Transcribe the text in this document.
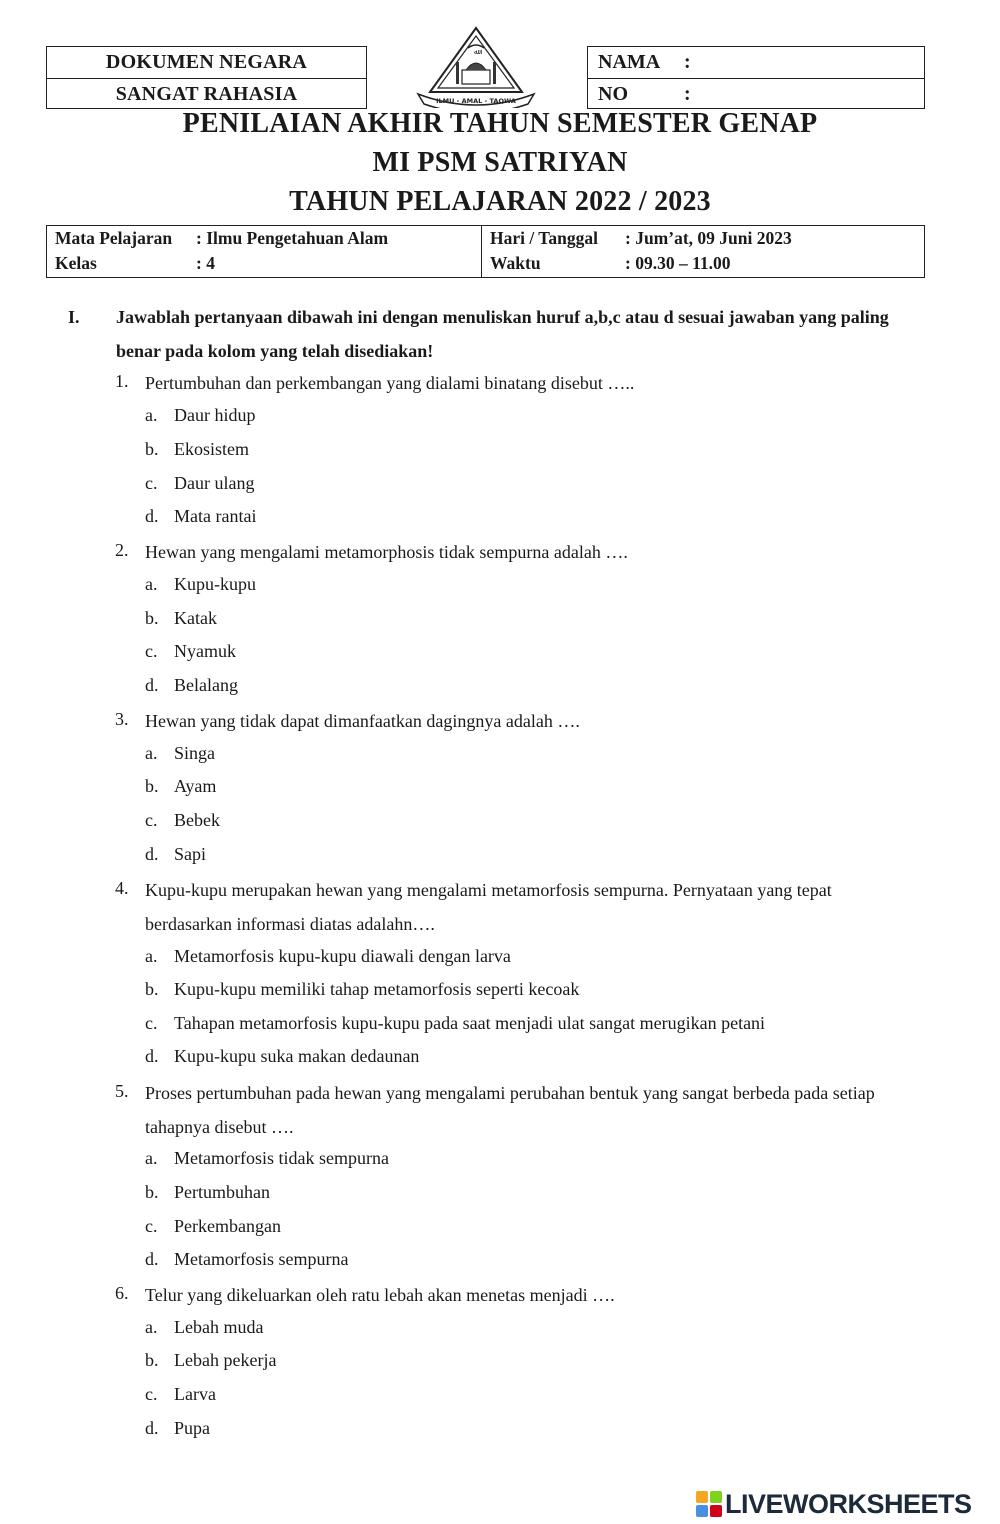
DOKUMEN NEGARA
SANGAT RAHASIA
ﷲ
ILMU - AMAL - TAQWA
NAMA	:
NO	:
PENILAIAN AKHIR TAHUN SEMESTER GENAP
MI PSM SATRIYAN
TAHUN PELAJARAN 2022 / 2023
Mata Pelajaran : Ilmu Pengetahuan Alam
Kelas	: 4
Hari / Tanggal : Jum’at, 09 Juni 2023
Waktu	: 09.30 – 11.00
I. Jawablah pertanyaan dibawah ini dengan menuliskan huruf a,b,c atau d sesuai jawaban yang paling benar pada kolom yang telah disediakan!
1. Pertumbuhan dan perkembangan yang dialami binatang disebut …..
a. Daur hidup
b. Ekosistem
c. Daur ulang
d. Mata rantai
2. Hewan yang mengalami metamorphosis tidak sempurna adalah ….
a. Kupu-kupu
b. Katak
c. Nyamuk
d. Belalang
3. Hewan yang tidak dapat dimanfaatkan dagingnya adalah ….
a. Singa
b. Ayam
c. Bebek
d. Sapi
4. Kupu-kupu merupakan hewan yang mengalami metamorfosis sempurna. Pernyataan yang tepat berdasarkan informasi diatas adalahn….
a. Metamorfosis kupu-kupu diawali dengan larva
b. Kupu-kupu memiliki tahap metamorfosis seperti kecoak
c. Tahapan metamorfosis kupu-kupu pada saat menjadi ulat sangat merugikan petani
d. Kupu-kupu suka makan dedaunan
5. Proses pertumbuhan pada hewan yang mengalami perubahan bentuk yang sangat berbeda pada setiap tahapnya disebut ….
a. Metamorfosis tidak sempurna
b. Pertumbuhan
c. Perkembangan
d. Metamorfosis sempurna
6. Telur yang dikeluarkan oleh ratu lebah akan menetas menjadi ….
a. Lebah muda
b. Lebah pekerja
c. Larva
d. Pupa
LIVEWORKSHEETS
